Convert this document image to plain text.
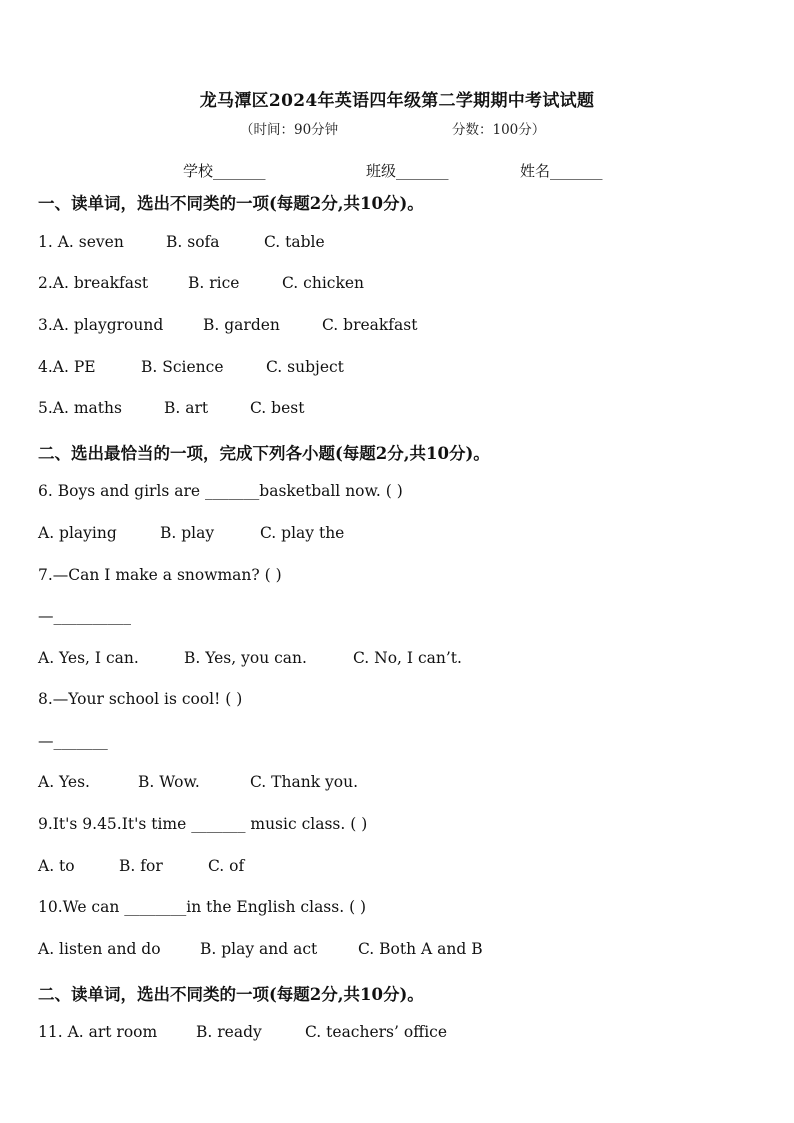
龙马潭区2024年英语四年级第二学期期中考试试题
（时间：90分钟	分数：100分）
学校_______	班级_______	姓名_______
一、读单词，选出不同类的一项(每题2分,共10分)。
1. A. seven	B. sofa	C. table
2.A. breakfast	B. rice	C. chicken
3.A. playground	B. garden	C. breakfast
4.A. PE	B. Science	C. subject
5.A. maths	B. art	C. best
二、选出最恰当的一项，完成下列各小题(每题2分,共10分)。
6. Boys and girls are _______basketball now. ( )
A. playing	B. play	C. play the
7.—Can I make a snowman? ( )
—__________
A. Yes, I can.	B. Yes, you can.	C. No, I can’t.
8.—Your school is cool! ( )
—_______
A. Yes.	B. Wow.	C. Thank you.
9.It's 9.45.It's time _______ music class. ( )
A. to	B. for	C. of
10.We can ________in the English class. ( )
A. listen and do	B. play and act	C. Both A and B
二、读单词，选出不同类的一项(每题2分,共10分)。
11. A. art room	B. ready	C. teachers’ office
